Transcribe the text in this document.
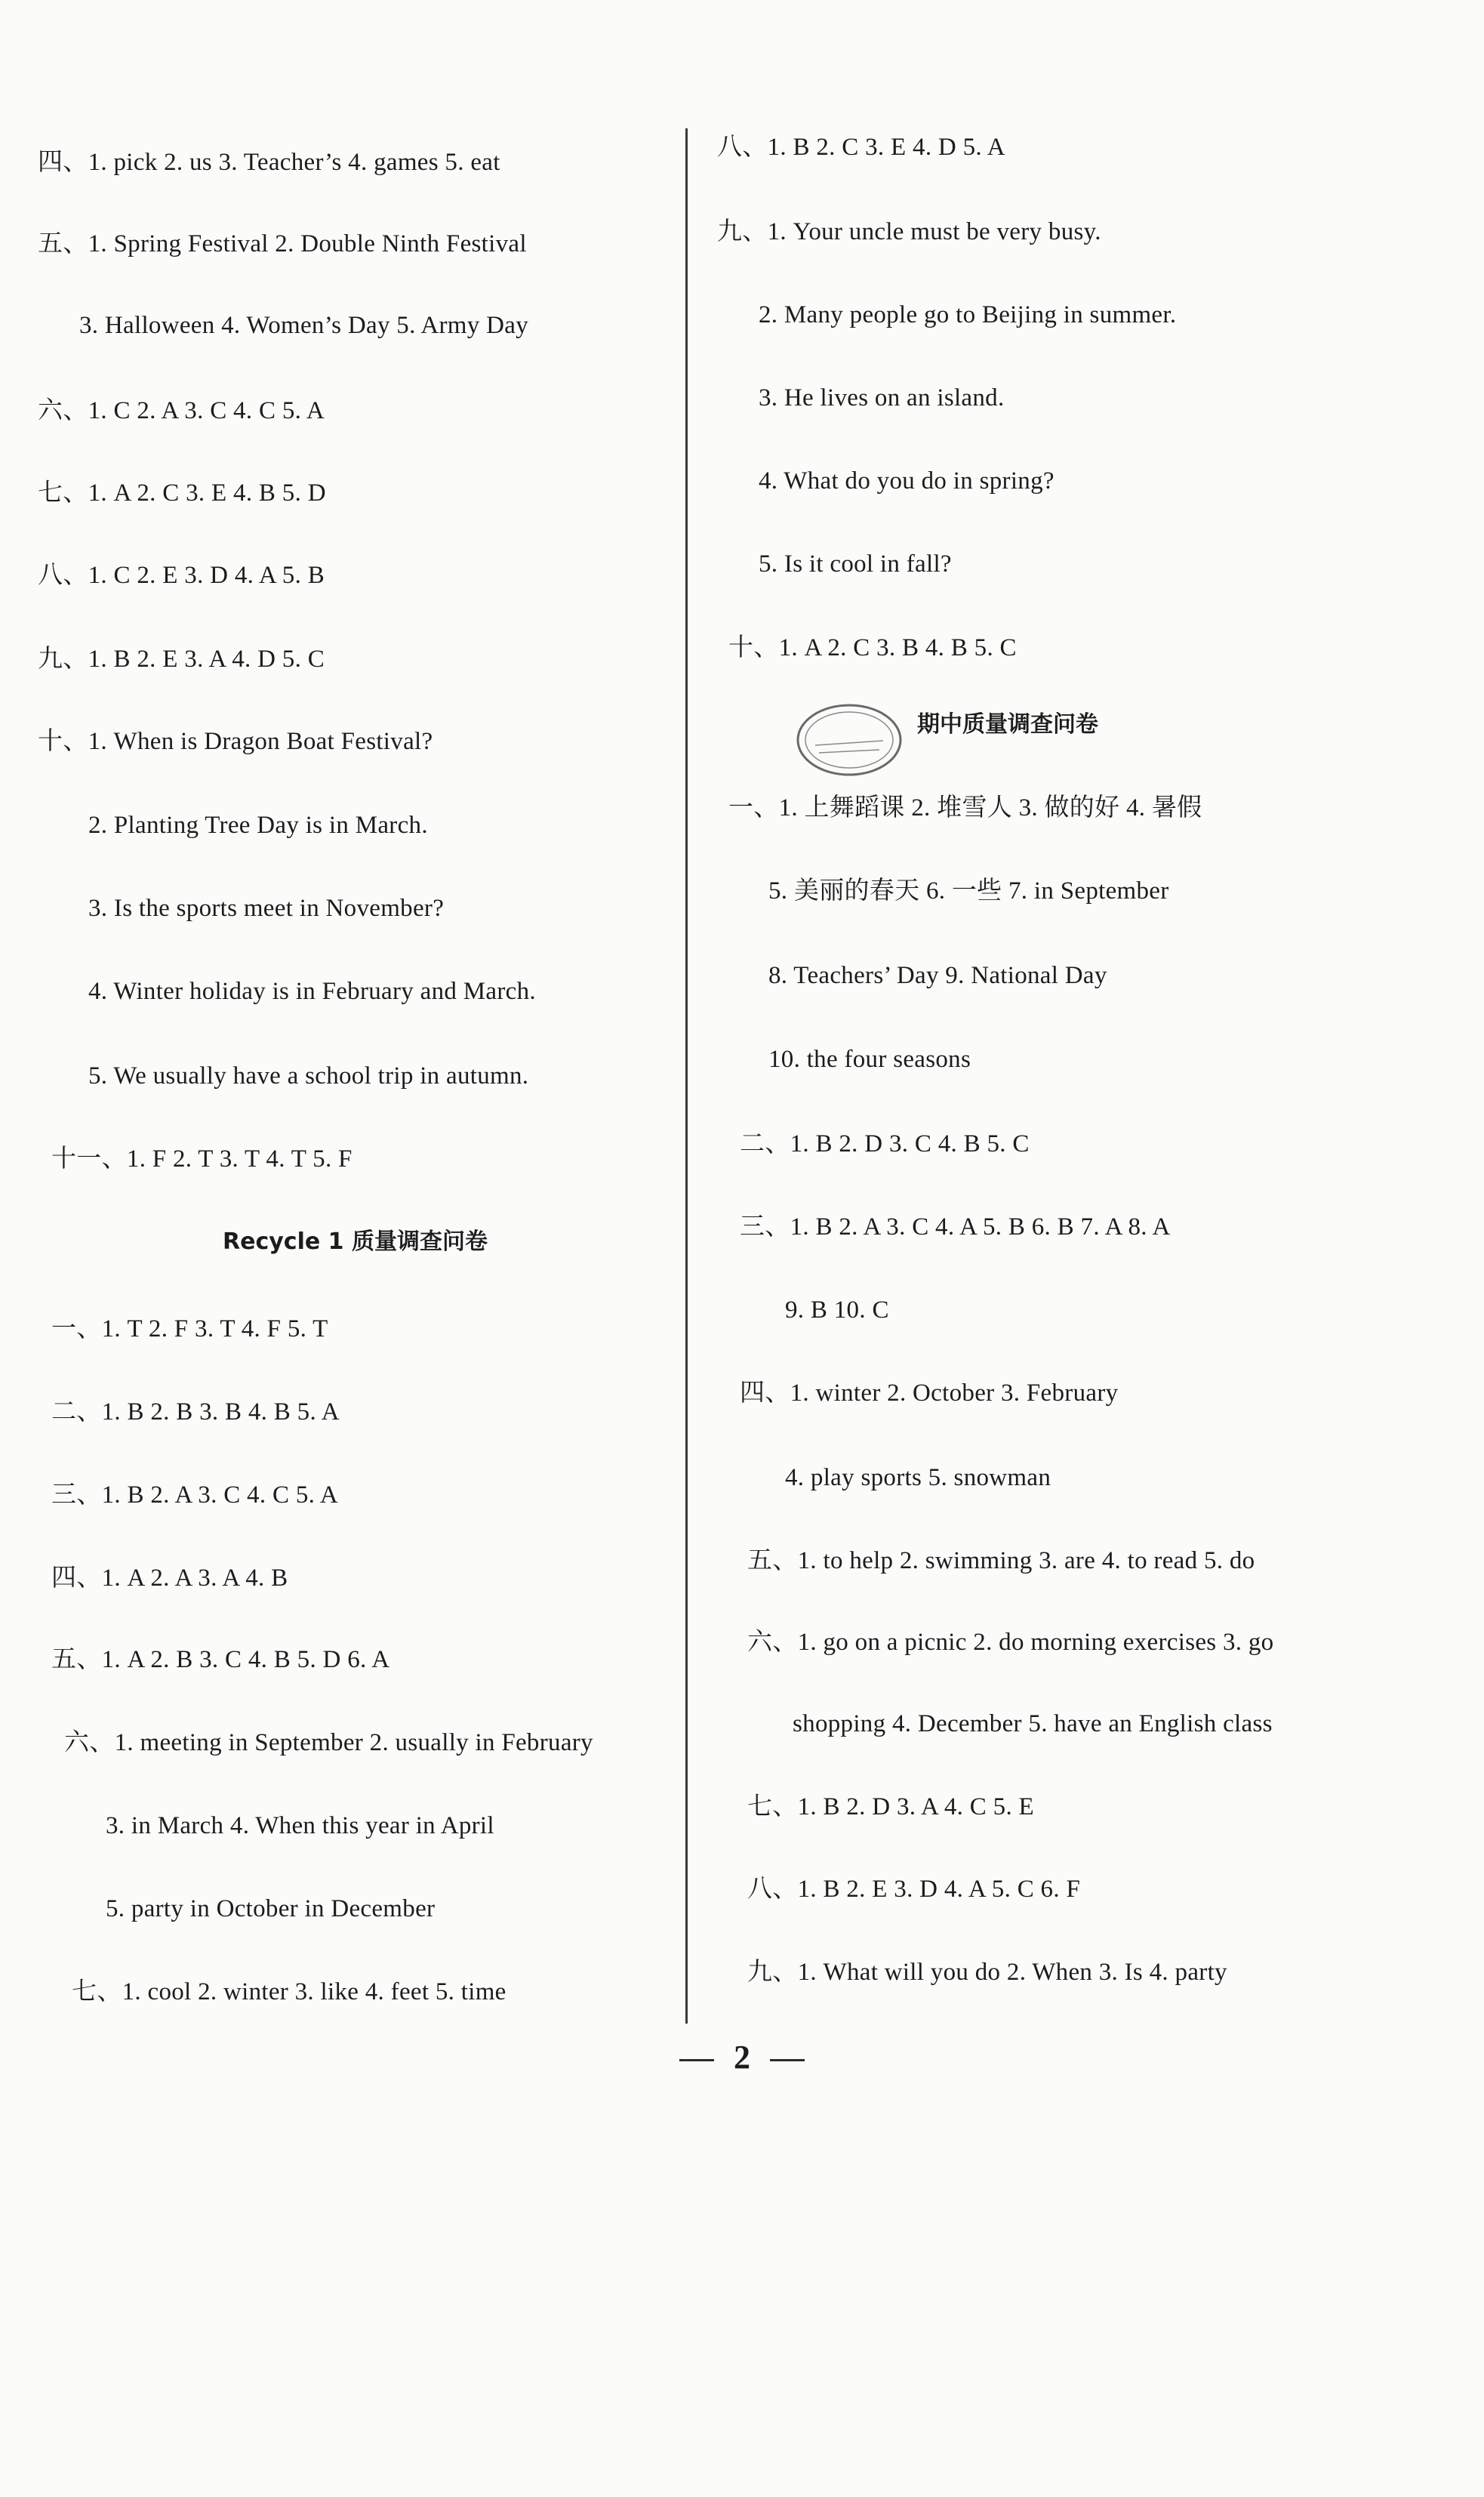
四、1. pick 2. us 3. Teacher’s 4. games 5. eat
五、1. Spring Festival 2. Double Ninth Festival
3. Halloween 4. Women’s Day 5. Army Day
六、1. C 2. A 3. C 4. C 5. A
七、1. A 2. C 3. E 4. B 5. D
八、1. C 2. E 3. D 4. A 5. B
九、1. B 2. E 3. A 4. D 5. C
十、1. When is Dragon Boat Festival?
2. Planting Tree Day is in March.
3. Is the sports meet in November?
4. Winter holiday is in February and March.
5. We usually have a school trip in autumn.
十一、1. F 2. T 3. T 4. T 5. F
Recycle 1 质量调查问卷
一、1. T 2. F 3. T 4. F 5. T
二、1. B 2. B 3. B 4. B 5. A
三、1. B 2. A 3. C 4. C 5. A
四、1. A 2. A 3. A 4. B
五、1. A 2. B 3. C 4. B 5. D 6. A
六、1. meeting in September 2. usually in February
3. in March 4. When this year in April
5. party in October in December
七、1. cool 2. winter 3. like 4. feet 5. time
八、1. B 2. C 3. E 4. D 5. A
九、1. Your uncle must be very busy.
2. Many people go to Beijing in summer.
3. He lives on an island.
4. What do you do in spring?
5. Is it cool in fall?
十、1. A 2. C 3. B 4. B 5. C
期中质量调查问卷
一、1. 上舞蹈课 2. 堆雪人 3. 做的好 4. 暑假
5. 美丽的春天 6. 一些 7. in September
8. Teachers’ Day 9. National Day
10. the four seasons
二、1. B 2. D 3. C 4. B 5. C
三、1. B 2. A 3. C 4. A 5. B 6. B 7. A 8. A
9. B 10. C
四、1. winter 2. October 3. February
4. play sports 5. snowman
五、1. to help 2. swimming 3. are 4. to read 5. do
六、1. go on a picnic 2. do morning exercises 3. go
shopping 4. December 5. have an English class
七、1. B 2. D 3. A 4. C 5. E
八、1. B 2. E 3. D 4. A 5. C 6. F
九、1. What will you do 2. When 3. Is 4. party
2
